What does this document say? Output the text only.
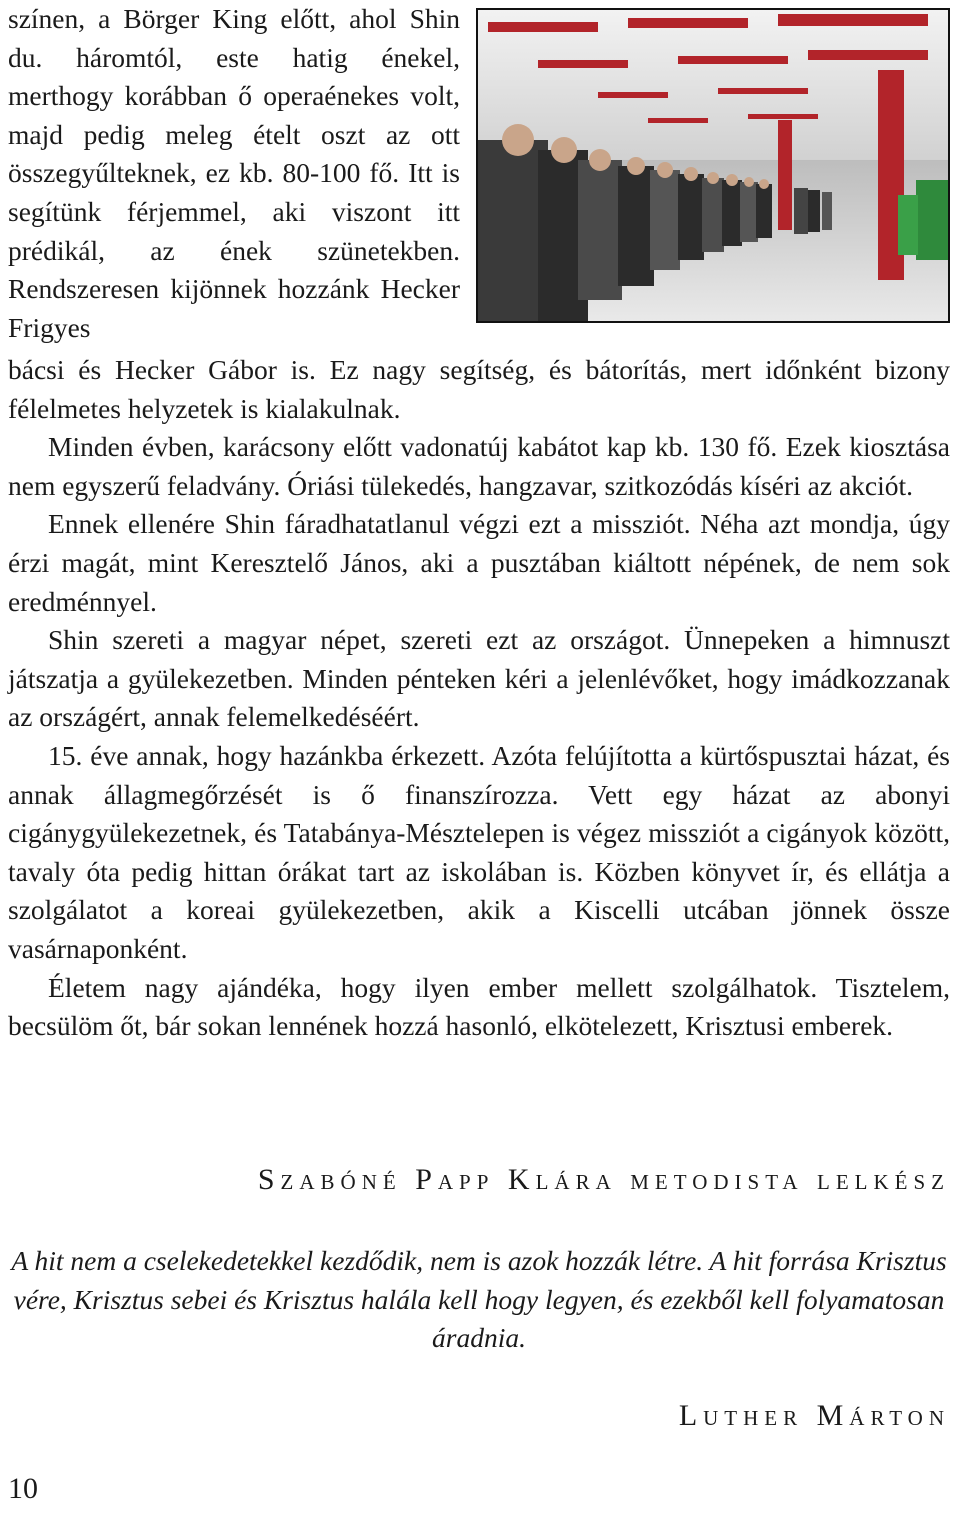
színen, a Börger King előtt, ahol Shin du. háromtól, este hatig énekel, merthogy korábban ő operaénekes volt, majd pedig meleg ételt oszt az ott összegyűlteknek, ez kb. 80-100 fő. Itt is segítünk férjemmel, aki viszont itt prédikál, az ének szünetekben. Rendszeresen kijönnek hozzánk Hecker Frigyes

bácsi és Hecker Gábor is. Ez nagy segítség, és bátorítás, mert időnként bizony félelmetes helyzetek is kialakulnak.

Minden évben, karácsony előtt vadonatúj kabátot kap kb. 130 fő. Ezek kiosztása nem egyszerű feladvány. Óriási tülekedés, hangzavar, szitkozódás kíséri az akciót.

Ennek ellenére Shin fáradhatatlanul végzi ezt a missziót. Néha azt mondja, úgy érzi magát, mint Keresztelő János, aki a pusztában kiáltott népének, de nem sok eredménnyel.

Shin szereti a magyar népet, szereti ezt az országot. Ünnepeken a himnuszt játszatja a gyülekezetben. Minden pénteken kéri a jelenlévőket, hogy imádkozzanak az országért, annak felemelkedéséért.

15. éve annak, hogy hazánkba érkezett. Azóta felújította a kürtőspusztai házat, és annak állagmegőrzését is ő finanszírozza. Vett egy házat az abonyi cigánygyülekezetnek, és Tatabánya-Mésztelepen is végez missziót a cigányok között, tavaly óta pedig hittan órákat tart az iskolában is. Közben könyvet ír, és ellátja a szolgálatot a koreai gyülekezetben, akik a Kiscelli utcában jönnek össze vasárnaponként.

Életem nagy ajándéka, hogy ilyen ember mellett szolgálhatok. Tisztelem, becsülöm őt, bár sokan lennének hozzá hasonló, elkötelezett, Krisztusi emberek.

Szabóné Papp Klára metodista lelkész
A hit nem a cselekedetekkel kezdődik, nem is azok hozzák létre. A hit forrása Krisztus vére, Krisztus sebei és Krisztus halála kell hogy legyen, és ezekből kell folyamatosan áradnia.
Luther Márton
10
